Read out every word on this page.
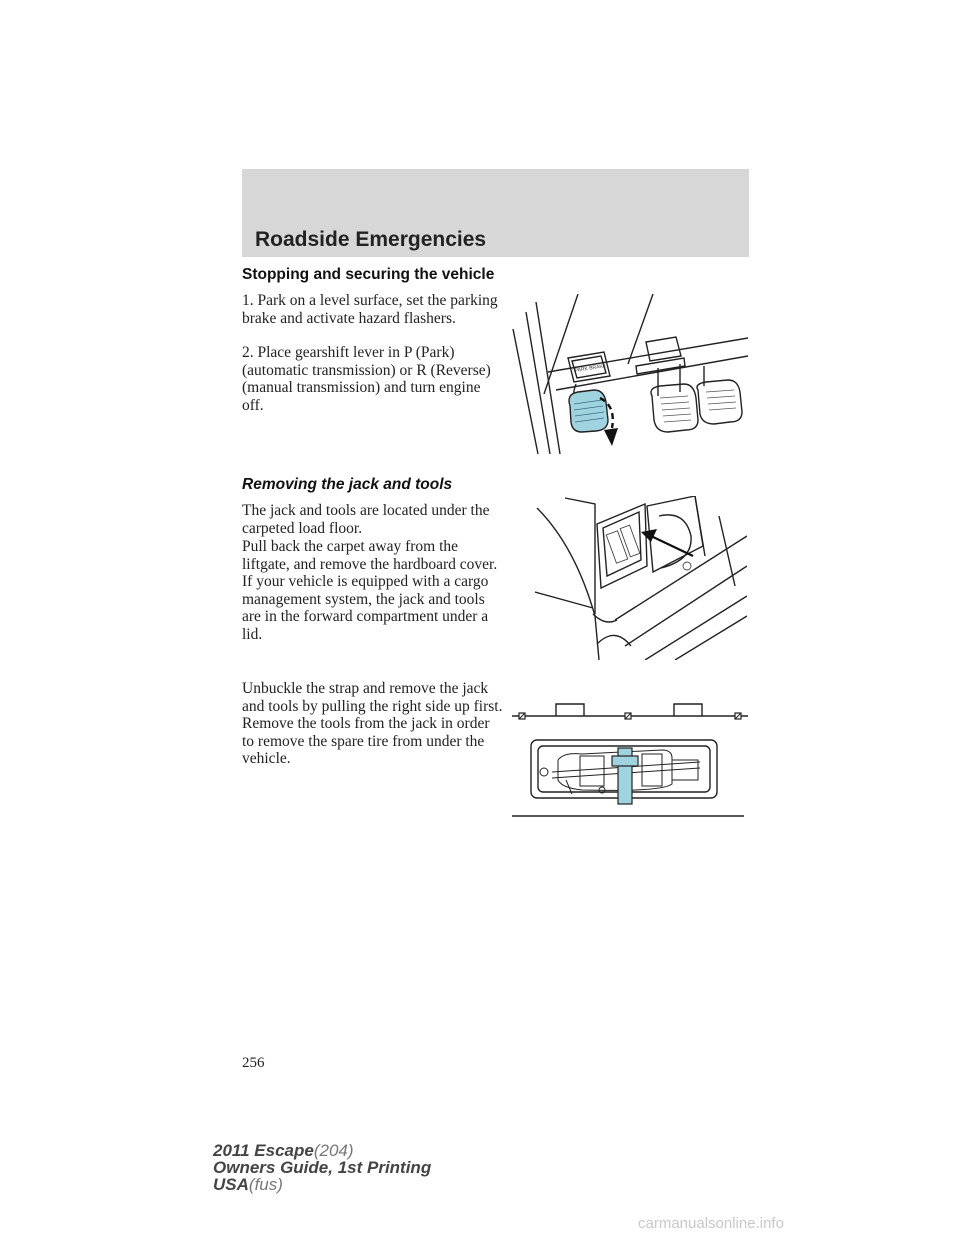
Roadside Emergencies
Stopping and securing the vehicle
1. Park on a level surface, set the parking brake and activate hazard flashers.
2. Place gearshift lever in P (Park) (automatic transmission) or R (Reverse) (manual transmission) and turn engine off.
PARK BRAKE
Removing the jack and tools
The jack and tools are located under the carpeted load floor.
Pull back the carpet away from the liftgate, and remove the hardboard cover. If your vehicle is equipped with a cargo management system, the jack and tools are in the forward compartment under a lid.
Unbuckle the strap and remove the jack and tools by pulling the right side up first. Remove the tools from the jack in order to remove the spare tire from under the vehicle.
256
2011 Escape(204)
Owners Guide, 1st Printing
USA(fus)
carmanualsonline.info
